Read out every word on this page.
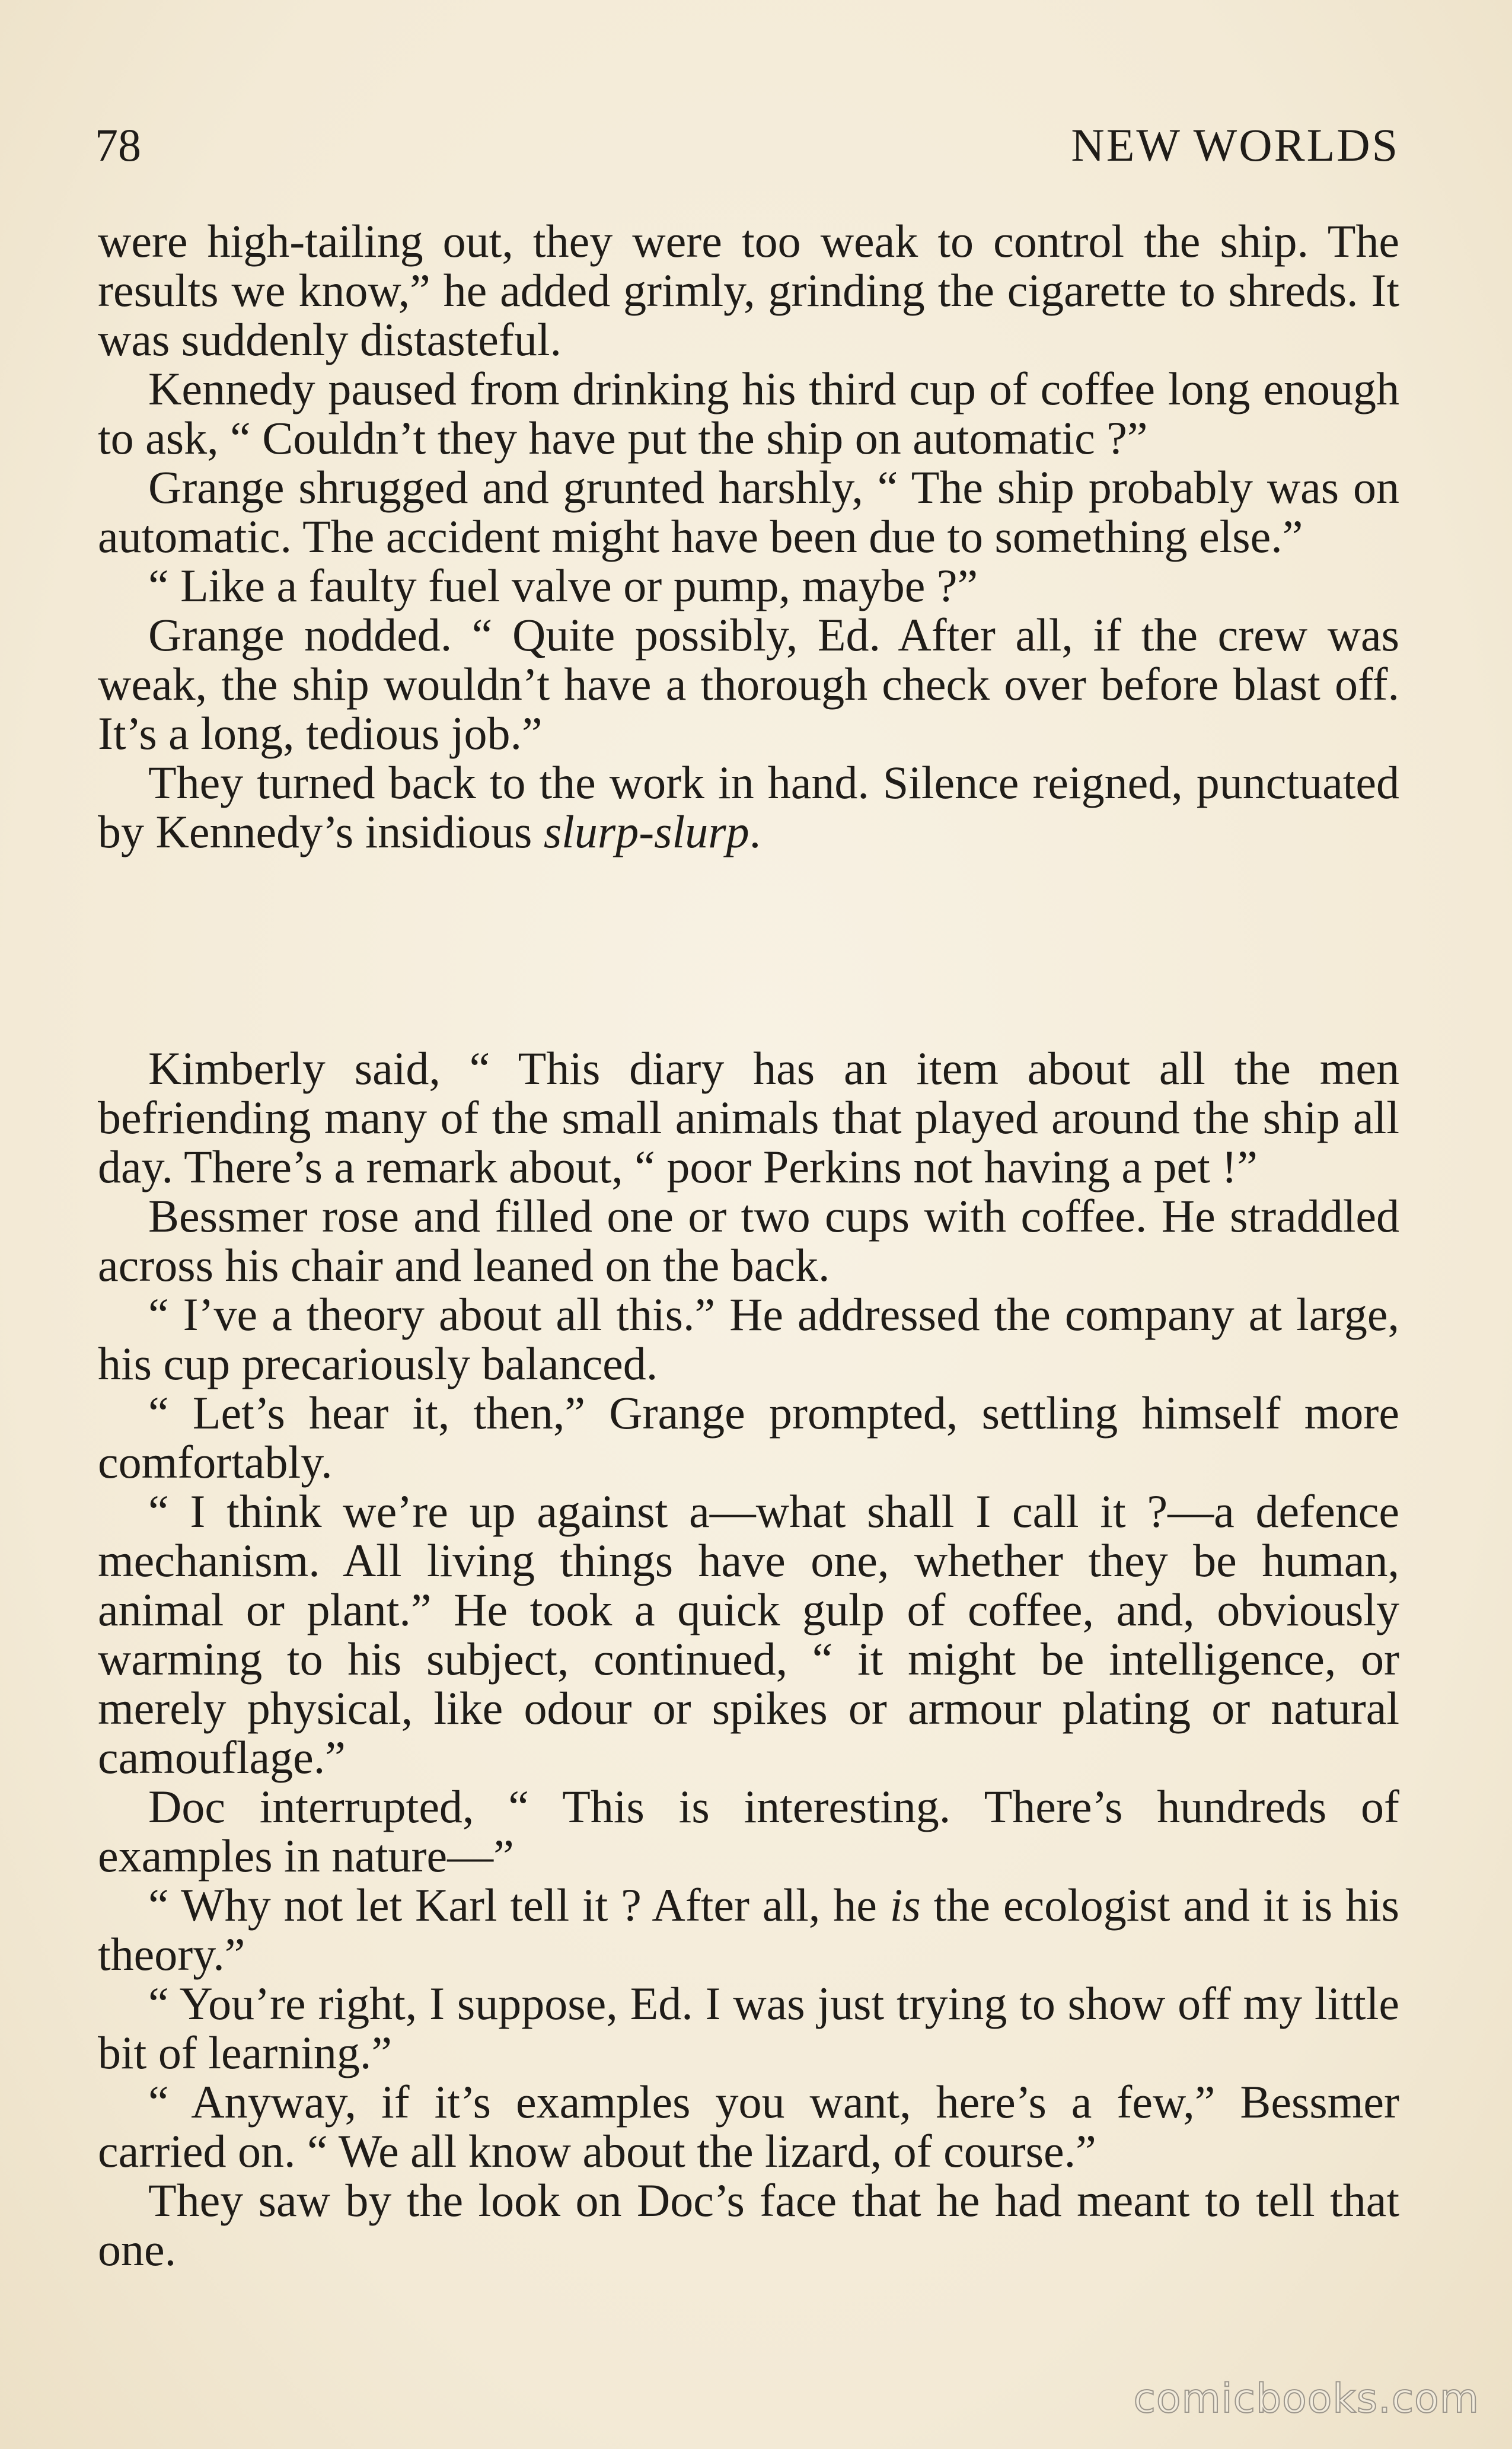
78	NEW WORLDS

were high-tailing out, they were too weak to control the ship. The results we know,” he added grimly, grinding the cigarette to shreds. It was suddenly distasteful.

Kennedy paused from drinking his third cup of coffee long enough to ask, “ Couldn’t they have put the ship on automatic ?”

Grange shrugged and grunted harshly, “ The ship probably was on automatic. The accident might have been due to something else.”

“ Like a faulty fuel valve or pump, maybe ?”

Grange nodded. “ Quite possibly, Ed. After all, if the crew was weak, the ship wouldn’t have a thorough check over before blast off. It’s a long, tedious job.”

They turned back to the work in hand. Silence reigned, punctuated by Kennedy’s insidious slurp-slurp.

Kimberly said, “ This diary has an item about all the men befriending many of the small animals that played around the ship all day. There’s a remark about, “ poor Perkins not having a pet !”

Bessmer rose and filled one or two cups with coffee. He straddled across his chair and leaned on the back.

“ I’ve a theory about all this.” He addressed the company at large, his cup precariously balanced.

“ Let’s hear it, then,” Grange prompted, settling himself more comfortably.

“ I think we’re up against a—what shall I call it ?—a defence mechanism. All living things have one, whether they be human, animal or plant.” He took a quick gulp of coffee, and, obviously warming to his subject, continued, “ it might be intelligence, or merely physical, like odour or spikes or armour plating or natural camouflage.”

Doc interrupted, “ This is interesting. There’s hundreds of examples in nature—”

“ Why not let Karl tell it ? After all, he is the ecologist and it is his theory.”

“ You’re right, I suppose, Ed. I was just trying to show off my little bit of learning.”

“ Anyway, if it’s examples you want, here’s a few,” Bessmer carried on. “ We all know about the lizard, of course.”

They saw by the look on Doc’s face that he had meant to tell that one.

comicbooks.com
